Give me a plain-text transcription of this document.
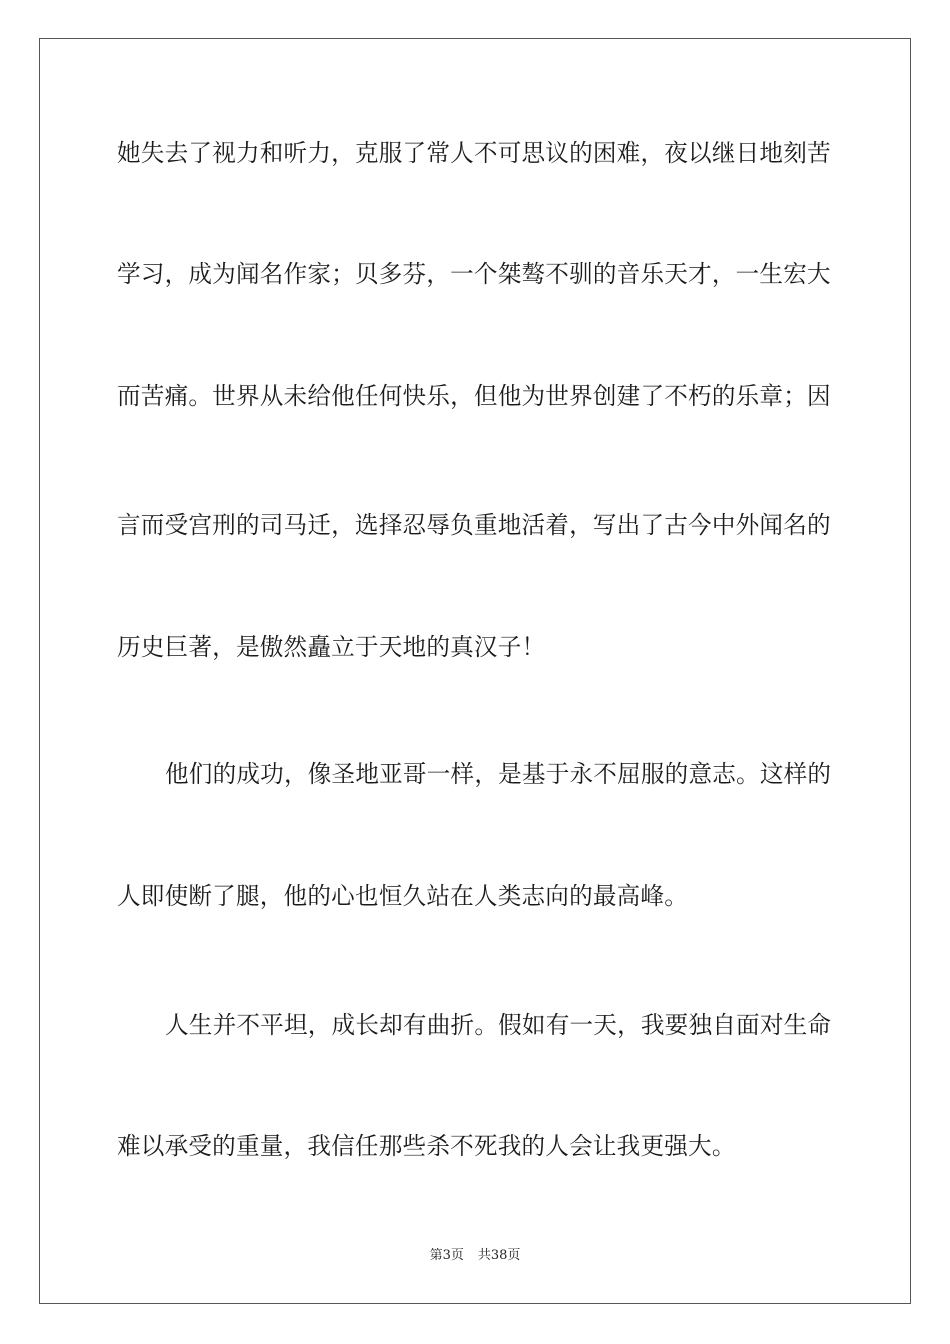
她失去了视力和听力，克服了常人不可思议的困难，夜以继日地刻苦
学习，成为闻名作家；贝多芬，一个桀骜不驯的音乐天才，一生宏大
而苦痛。世界从未给他任何快乐，但他为世界创建了不朽的乐章；因
言而受宫刑的司马迁，选择忍辱负重地活着，写出了古今中外闻名的
历史巨著，是傲然矗立于天地的真汉子！
他们的成功，像圣地亚哥一样，是基于永不屈服的意志。这样的
人即使断了腿，他的心也恒久站在人类志向的最高峰。
人生并不平坦，成长却有曲折。假如有一天，我要独自面对生命
难以承受的重量，我信任那些杀不死我的人会让我更强大。
第3页 共38页
